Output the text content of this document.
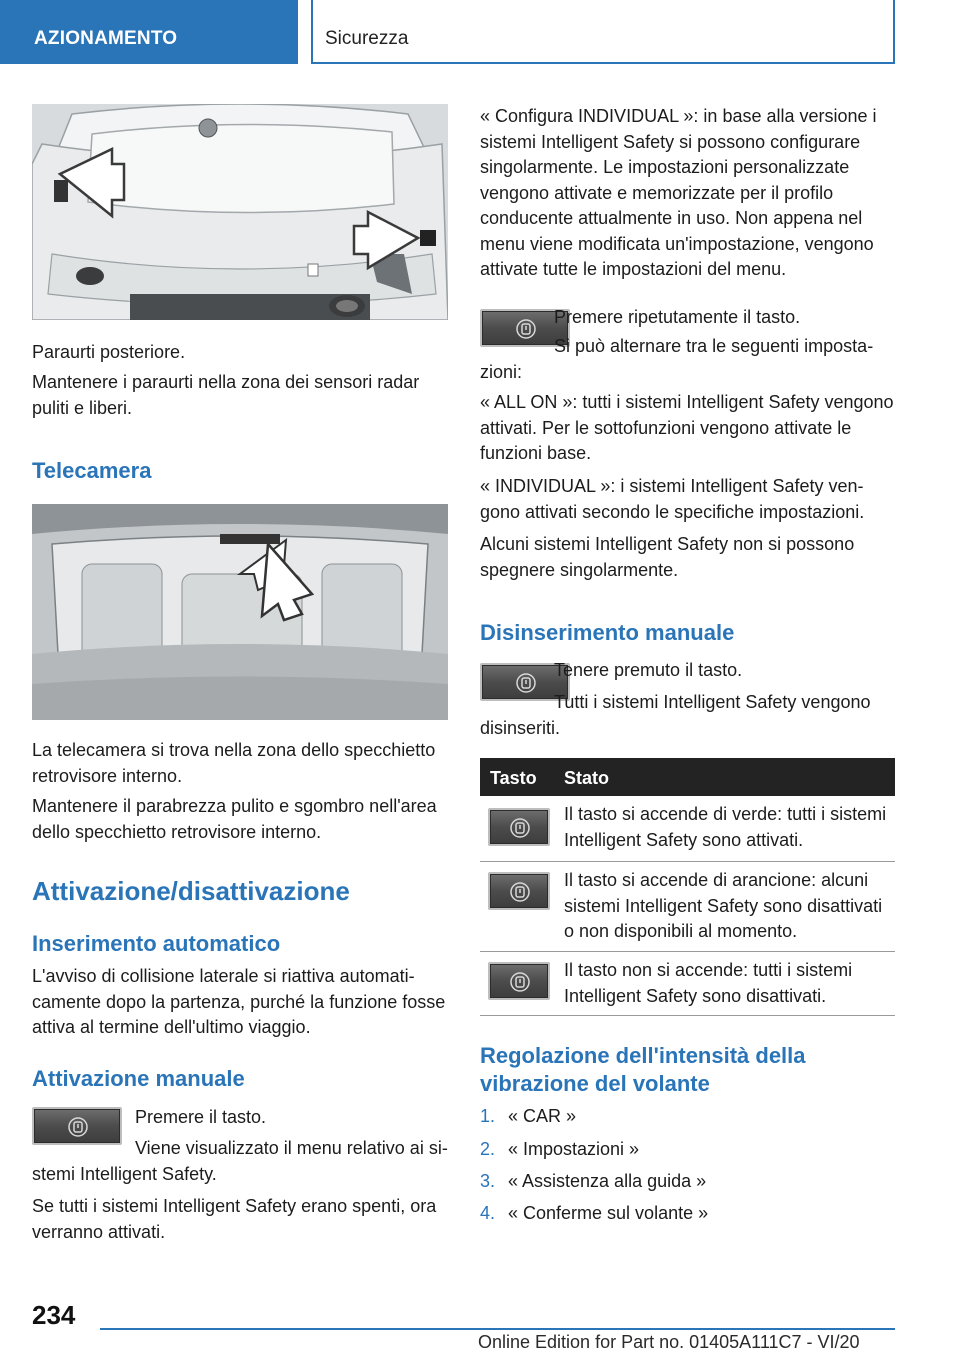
AZIONAMENTO	Sicurezza
Paraurti posteriore.
Mantenere i paraurti nella zona dei sensori radar puliti e liberi.
Telecamera
La telecamera si trova nella zona dello specchietto retrovisore interno.
Mantenere il parabrezza pulito e sgombro nell'area dello specchietto retrovisore interno.
Attivazione/disattivazione
Inserimento automatico
L'avviso di collisione laterale si riattiva automaticamente dopo la partenza, purché la funzione fosse attiva al termine dell'ultimo viaggio.
Attivazione manuale
Premere il tasto.
Viene visualizzato il menu relativo ai sistemi Intelligent Safety.
Se tutti i sistemi Intelligent Safety erano spenti, ora verranno attivati.
« Configura INDIVIDUAL »: in base alla versione i sistemi Intelligent Safety si possono configurare singolarmente. Le impostazioni personalizzate vengono attivate e memorizzate per il profilo conducente attualmente in uso. Non appena nel menu viene modificata un'impostazione, vengono attivate tutte le impostazioni del menu.
Premere ripetutamente il tasto.
Si può alternare tra le seguenti impostazioni:
« ALL ON »: tutti i sistemi Intelligent Safety vengono attivati. Per le sottofunzioni vengono attivate le funzioni base.
« INDIVIDUAL »: i sistemi Intelligent Safety vengono attivati secondo le specifiche impostazioni.
Alcuni sistemi Intelligent Safety non si possono spegnere singolarmente.
Disinserimento manuale
Tenere premuto il tasto.
Tutti i sistemi Intelligent Safety vengono disinseriti.
Tasto Stato
Il tasto si accende di verde: tutti i sistemi Intelligent Safety sono attivati.
Il tasto si accende di arancione: alcuni sistemi Intelligent Safety sono disattivati o non disponibili al momento.
Il tasto non si accende: tutti i sistemi Intelligent Safety sono disattivati.
Regolazione dell'intensità della vibrazione del volante
1. « CAR »
2. « Impostazioni »
3. « Assistenza alla guida »
4. « Conferme sul volante »
234
Online Edition for Part no. 01405A111C7 - VI/20
